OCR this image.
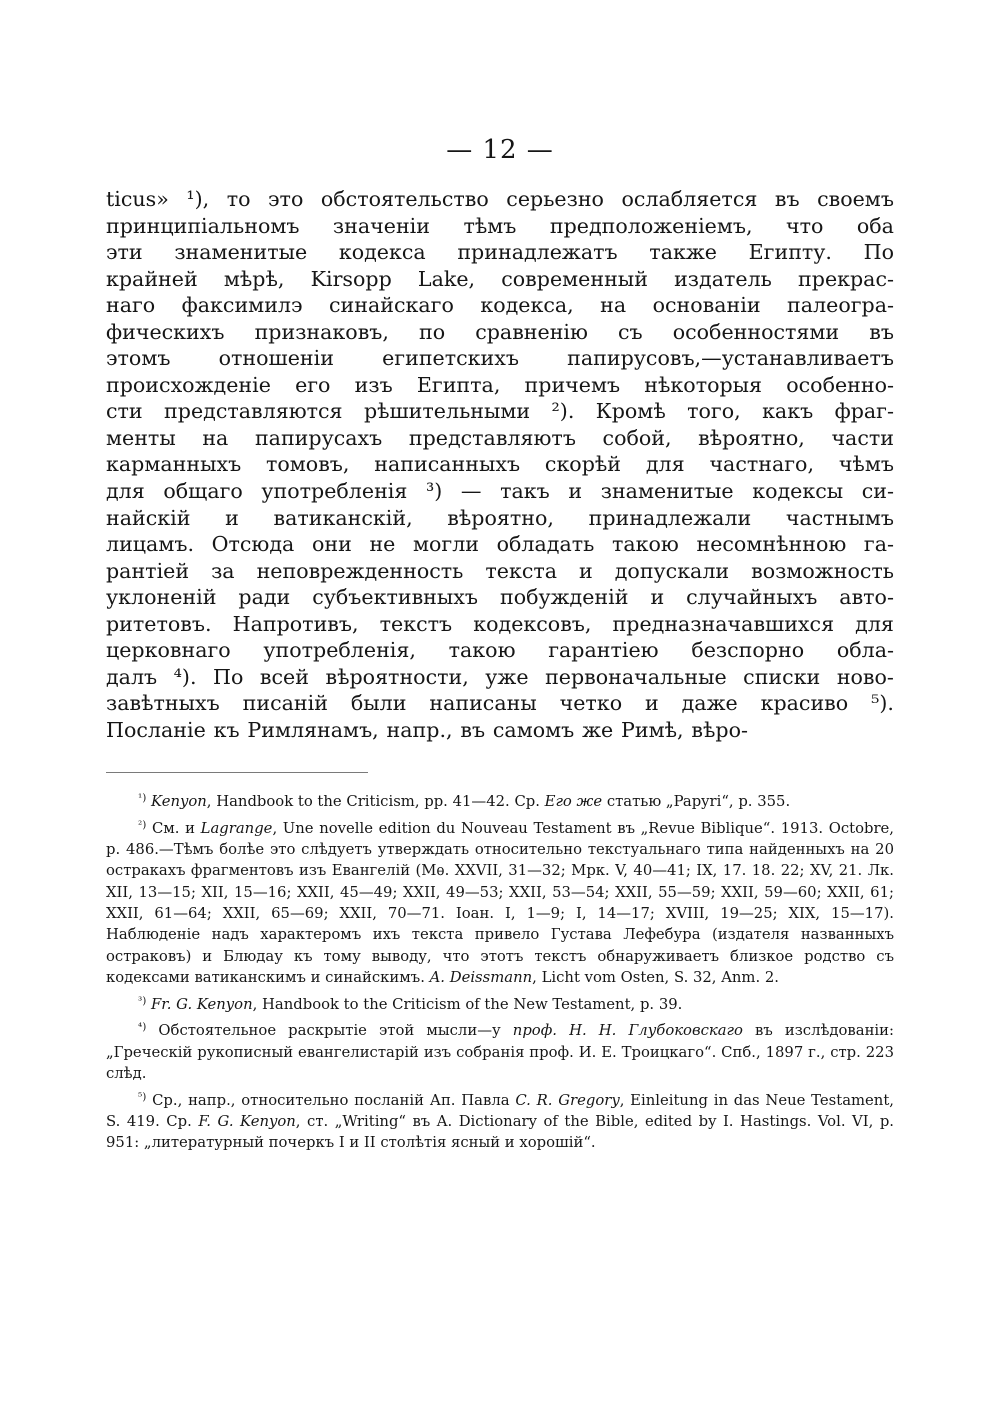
— 12 —
ticus» ¹), то это обстоятельство серьезно ослабляется въ своемъ
принципіальномъ значеніи тѣмъ предположеніемъ, что оба
эти знаменитые кодекса принадлежатъ также Египту. По
крайней мѣрѣ, Kirsopp Lake, современный издатель прекрас-
наго факсимилэ синайскаго кодекса, на основаніи палеогра-
фическихъ признаковъ, по сравненію съ особенностями въ
этомъ отношеніи египетскихъ папирусовъ,—устанавливаетъ
происхожденіе его изъ Египта, причемъ нѣкоторыя особенно-
сти представляются рѣшительными ²). Кромѣ того, какъ фраг-
менты на папирусахъ представляютъ собой, вѣроятно, части
карманныхъ томовъ, написанныхъ скорѣй для частнаго, чѣмъ
для общаго употребленія ³) — такъ и знаменитые кодексы си-
найскій и ватиканскій, вѣроятно, принадлежали частнымъ
лицамъ. Отсюда они не могли обладать такою несомнѣнною га-
рантіей за неповрежденность текста и допускали возможность
уклоненій ради субъективныхъ побужденій и случайныхъ авто-
ритетовъ. Напротивъ, текстъ кодексовъ, предназначавшихся для
церковнаго употребленія, такою гарантіею безспорно обла-
далъ ⁴). По всей вѣроятности, уже первоначальные списки ново-
завѣтныхъ писаній были написаны четко и даже красиво ⁵).
Посланіе къ Римлянамъ, напр., въ самомъ же Римѣ, вѣро-
$^{^1)}$ Kenyon, Handbook to the Criticism, pp. 41—42. Ср. Его же статью „Papyri“, p. 355.
$^{^2)}$ См. и Lagrange, Une novelle edition du Nouveau Testament въ „Revue Biblique“. 1913. Octobre, p. 486.—Тѣмъ болѣе это слѣдуетъ утверждать относительно текстуальнаго типа найденныхъ на 20 остракахъ фрагментовъ изъ Евангелій (Мѳ. XXVII, 31—32; Мрк. V, 40—41; IX, 17. 18. 22; XV, 21. Лк. XII, 13—15; XII, 15—16; XXII, 45—49; XXII, 49—53; XXII, 53—54; XXII, 55—59; XXII, 59—60; XXII, 61; XXII, 61—64; XXII, 65—69; XXII, 70—71. Іоан. I, 1—9; I, 14—17; XVIII, 19—25; XIX, 15—17). Наблюденіе надъ характеромъ ихъ текста привело Густава Лефебура (издателя названныхъ остраковъ) и Блюдау къ тому выводу, что этотъ текстъ обнаруживаетъ близкое родство съ кодексами ватиканскимъ и синайскимъ. A. Deissmann, Licht vom Osten, S. 32, Anm. 2.
$^{^3)}$ Fr. G. Kenyon, Handbook to the Criticism of the New Testament, p. 39.
$^{^4)}$ Обстоятельное раскрытіе этой мысли—у проф. Н. Н. Глубоковскаго въ изслѣдованіи: „Греческій рукописный евангелистарій изъ собранія проф. И. Е. Троицкаго“. Спб., 1897 г., стр. 223 слѣд.
$^{^5)}$ Ср., напр., относительно посланій Ап. Павла C. R. Gregory, Einleitung in das Neue Testament, S. 419. Ср. F. G. Kenyon, ст. „Writing“ въ A. Dictionary of the Bible, edited by I. Hastings. Vol. VI, p. 951: „литературный почеркъ I и II столѣтія ясный и хорошій“.
